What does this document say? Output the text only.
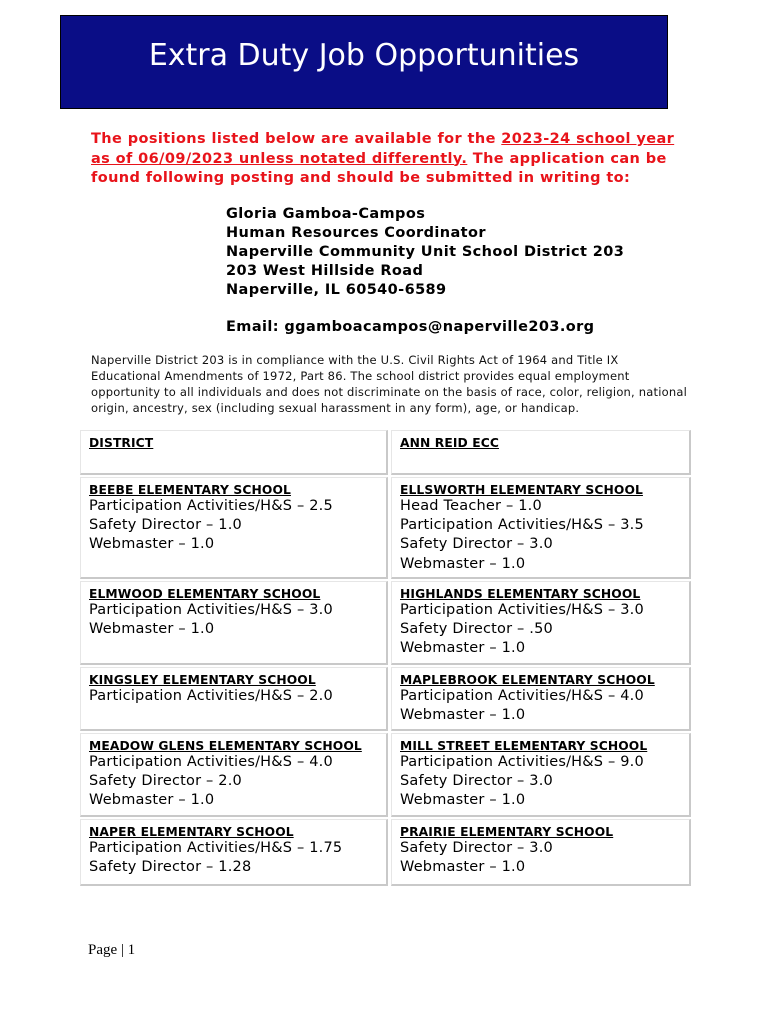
Extra Duty Job Opportunities
The positions listed below are available for the 2023-24 school year as of 06/09/2023 unless notated differently. The application can be found following posting and should be submitted in writing to:
Gloria Gamboa-Campos
Human Resources Coordinator
Naperville Community Unit School District 203
203 West Hillside Road
Naperville, IL 60540-6589
Email: ggamboacampos@naperville203.org
Naperville District 203 is in compliance with the U.S. Civil Rights Act of 1964 and Title IX Educational Amendments of 1972, Part 86. The school district provides equal employment opportunity to all individuals and does not discriminate on the basis of race, color, religion, national origin, ancestry, sex (including sexual harassment in any form), age, or handicap.
DISTRICT	ANN REID ECC
BEEBE ELEMENTARY SCHOOL
Participation Activities/H&S – 2.5
Safety Director – 1.0
Webmaster – 1.0
ELLSWORTH ELEMENTARY SCHOOL
Head Teacher – 1.0
Participation Activities/H&S – 3.5
Safety Director – 3.0
Webmaster – 1.0
ELMWOOD ELEMENTARY SCHOOL
Participation Activities/H&S – 3.0
Webmaster – 1.0
HIGHLANDS ELEMENTARY SCHOOL
Participation Activities/H&S – 3.0
Safety Director – .50
Webmaster – 1.0
KINGSLEY ELEMENTARY SCHOOL
Participation Activities/H&S – 2.0
MAPLEBROOK ELEMENTARY SCHOOL
Participation Activities/H&S – 4.0
Webmaster – 1.0
MEADOW GLENS ELEMENTARY SCHOOL
Participation Activities/H&S – 4.0
Safety Director – 2.0
Webmaster – 1.0
MILL STREET ELEMENTARY SCHOOL
Participation Activities/H&S – 9.0
Safety Director – 3.0
Webmaster – 1.0
NAPER ELEMENTARY SCHOOL
Participation Activities/H&S – 1.75
Safety Director – 1.28
PRAIRIE ELEMENTARY SCHOOL
Safety Director – 3.0
Webmaster – 1.0
Page | 1
